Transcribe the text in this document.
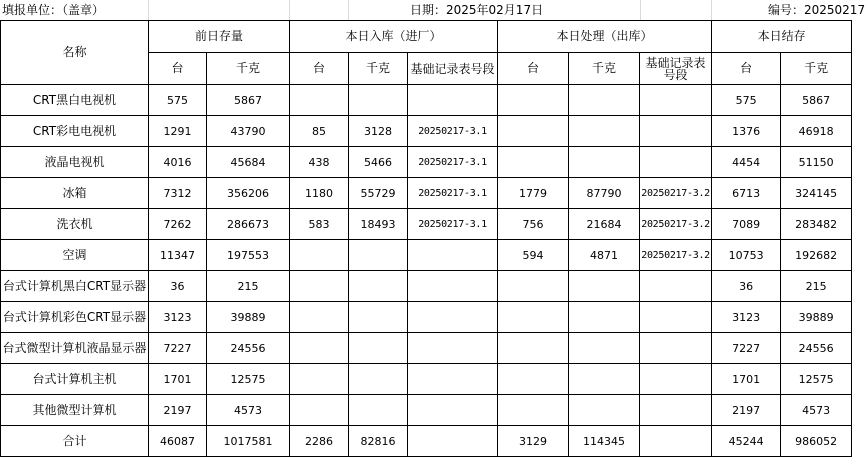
填报单位：（盖章）	日期：2025年02月17日	编号：20250217
名称	前日存量		本日入库（进厂）			本日处理（出库）			本日结存	
	台	千克	台	千克	基础记录表号段	台	千克	基础记录表号段	台	千克
CRT黑白电视机	575	5867							575	5867
CRT彩电电视机	1291	43790	85	3128	20250217-3.1				1376	46918
液晶电视机	4016	45684	438	5466	20250217-3.1				4454	51150
冰箱	7312	356206	1180	55729	20250217-3.1	1779	87790	20250217-3.2	6713	324145
洗衣机	7262	286673	583	18493	20250217-3.1	756	21684	20250217-3.2	7089	283482
空调	11347	197553				594	4871	20250217-3.2	10753	192682
台式计算机黑白CRT显示器	36	215							36	215
台式计算机彩色CRT显示器	3123	39889							3123	39889
台式微型计算机液晶显示器	7227	24556							7227	24556
台式计算机主机	1701	12575							1701	12575
其他微型计算机	2197	4573							2197	4573
合计	46087	1017581	2286	82816		3129	114345		45244	986052
